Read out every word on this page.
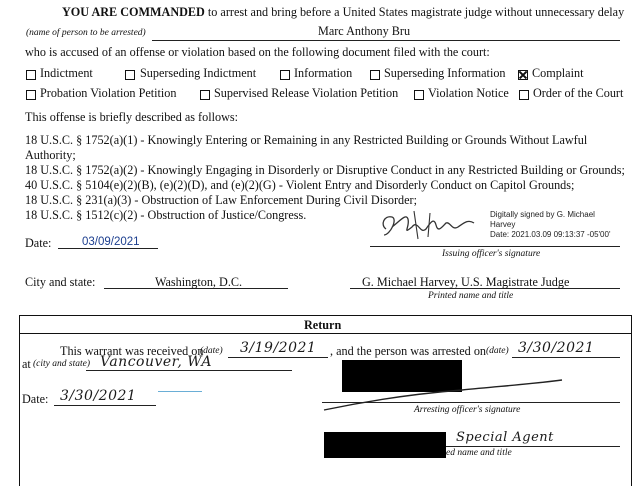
YOU ARE COMMANDED to arrest and bring before a United States magistrate judge without unnecessary delay
(name of person to be arrested)	Marc Anthony Bru
who is accused of an offense or violation based on the following document filed with the court:
Indictment	Superseding Indictment	Information	Superseding Information Complaint
Probation Violation Petition	Supervised Release Violation Petition Violation Notice Order of the Court
This offense is briefly described as follows:
18 U.S.C. § 1752(a)(1) - Knowingly Entering or Remaining in any Restricted Building or Grounds Without Lawful
Authority;
18 U.S.C. § 1752(a)(2) - Knowingly Engaging in Disorderly or Disruptive Conduct in any Restricted Building or Grounds;
40 U.S.C. § 5104(e)(2)(B), (e)(2)(D), and (e)(2)(G) - Violent Entry and Disorderly Conduct on Capitol Grounds;
18 U.S.C. § 231(a)(3) - Obstruction of Law Enforcement During Civil Disorder;
18 U.S.C. § 1512(c)(2) - Obstruction of Justice/Congress.	Digitally signed by G. Michael
Harvey
Date: 2021.03.09 09:13:37 -05'00'
Issuing officer's signature
Date:	03/09/2021
City and state:	Washington, D.C.	G. Michael Harvey, U.S. Magistrate Judge
Printed name and title
Return
This warrant was received on
(date) 3/19/2021 , and the person was arrested on (date) 3/30/2021
at (city and state) Vancouver, WA
Date: 3/30/2021
Arresting officer's signature
Special Agent
ed name and title
